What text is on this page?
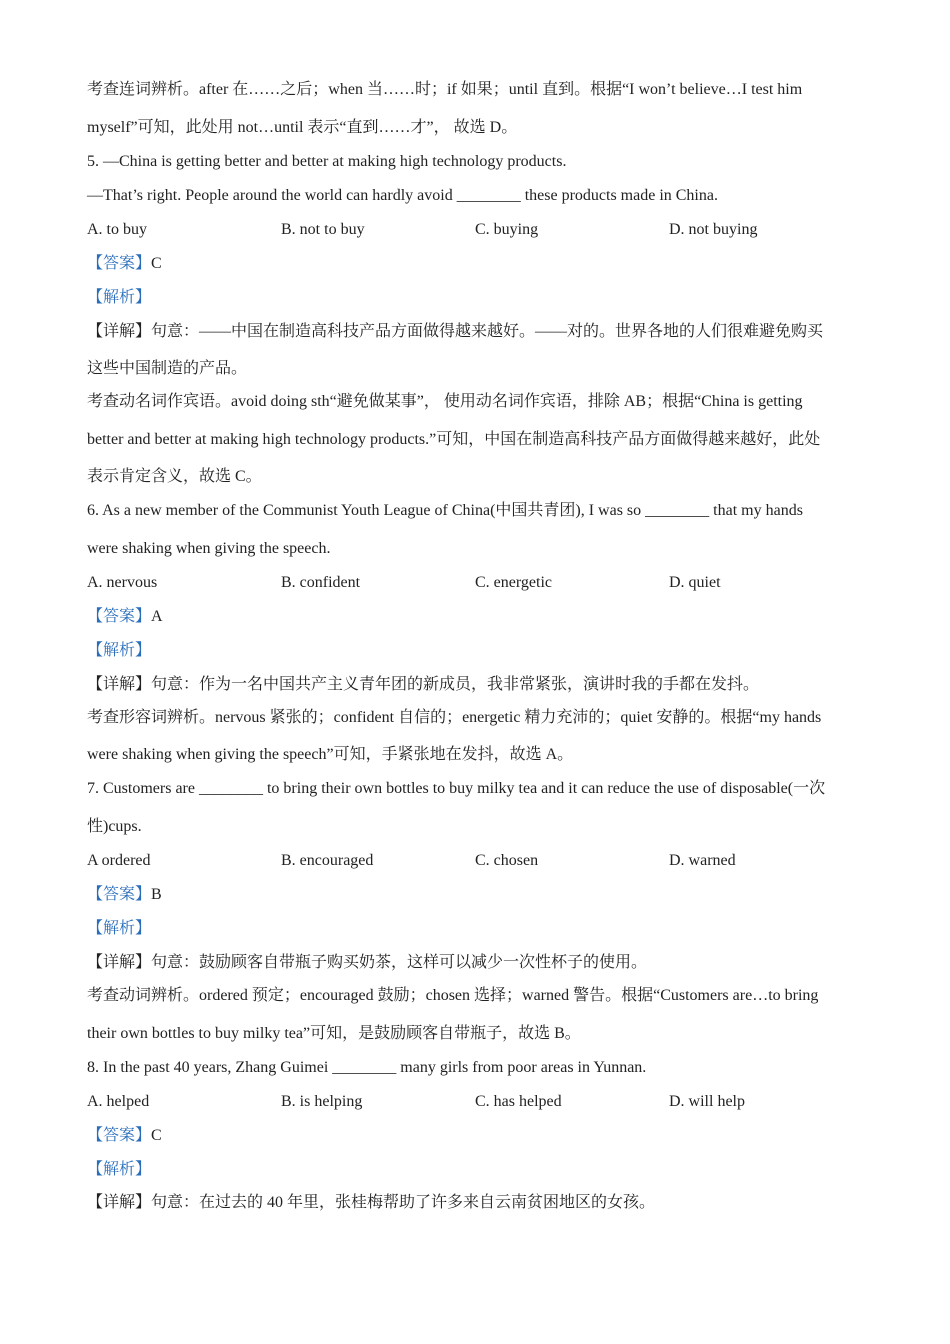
考查连词辨析。after 在……之后；when 当……时；if 如果；until 直到。根据“I won’t believe…I test him
myself”可知，此处用 not…until 表示“直到……才”， 故选 D。
5. —China is getting better and better at making high technology products.
—That’s right. People around the world can hardly avoid ________ these products made in China.
A. to buy	B. not to buy	C. buying	D. not buying
【答案】C
【解析】
【详解】句意：——中国在制造高科技产品方面做得越来越好。——对的。世界各地的人们很难避免购买
这些中国制造的产品。
考查动名词作宾语。avoid doing sth“避免做某事”， 使用动名词作宾语，排除 AB；根据“China is getting
better and better at making high technology products.”可知，中国在制造高科技产品方面做得越来越好，此处
表示肯定含义，故选 C。
6. As a new member of the Communist Youth League of China(中国共青团), I was so ________ that my hands
were shaking when giving the speech.
A. nervous	B. confident	C. energetic	D. quiet
【答案】A
【解析】
【详解】句意：作为一名中国共产主义青年团的新成员，我非常紧张，演讲时我的手都在发抖。
考查形容词辨析。nervous 紧张的；confident 自信的；energetic 精力充沛的；quiet 安静的。根据“my hands
were shaking when giving the speech”可知，手紧张地在发抖，故选 A。
7. Customers are ________ to bring their own bottles to buy milky tea and it can reduce the use of disposable(一次
性)cups.
A ordered	B. encouraged	C. chosen	D. warned
【答案】B
【解析】
【详解】句意：鼓励顾客自带瓶子购买奶茶，这样可以减少一次性杯子的使用。
考查动词辨析。ordered 预定；encouraged 鼓励；chosen 选择；warned 警告。根据“Customers are…to bring
their own bottles to buy milky tea”可知，是鼓励顾客自带瓶子，故选 B。
8. In the past 40 years, Zhang Guimei ________ many girls from poor areas in Yunnan.
A. helped	B. is helping	C. has helped	D. will help
【答案】C
【解析】
【详解】句意：在过去的 40 年里，张桂梅帮助了许多来自云南贫困地区的女孩。
